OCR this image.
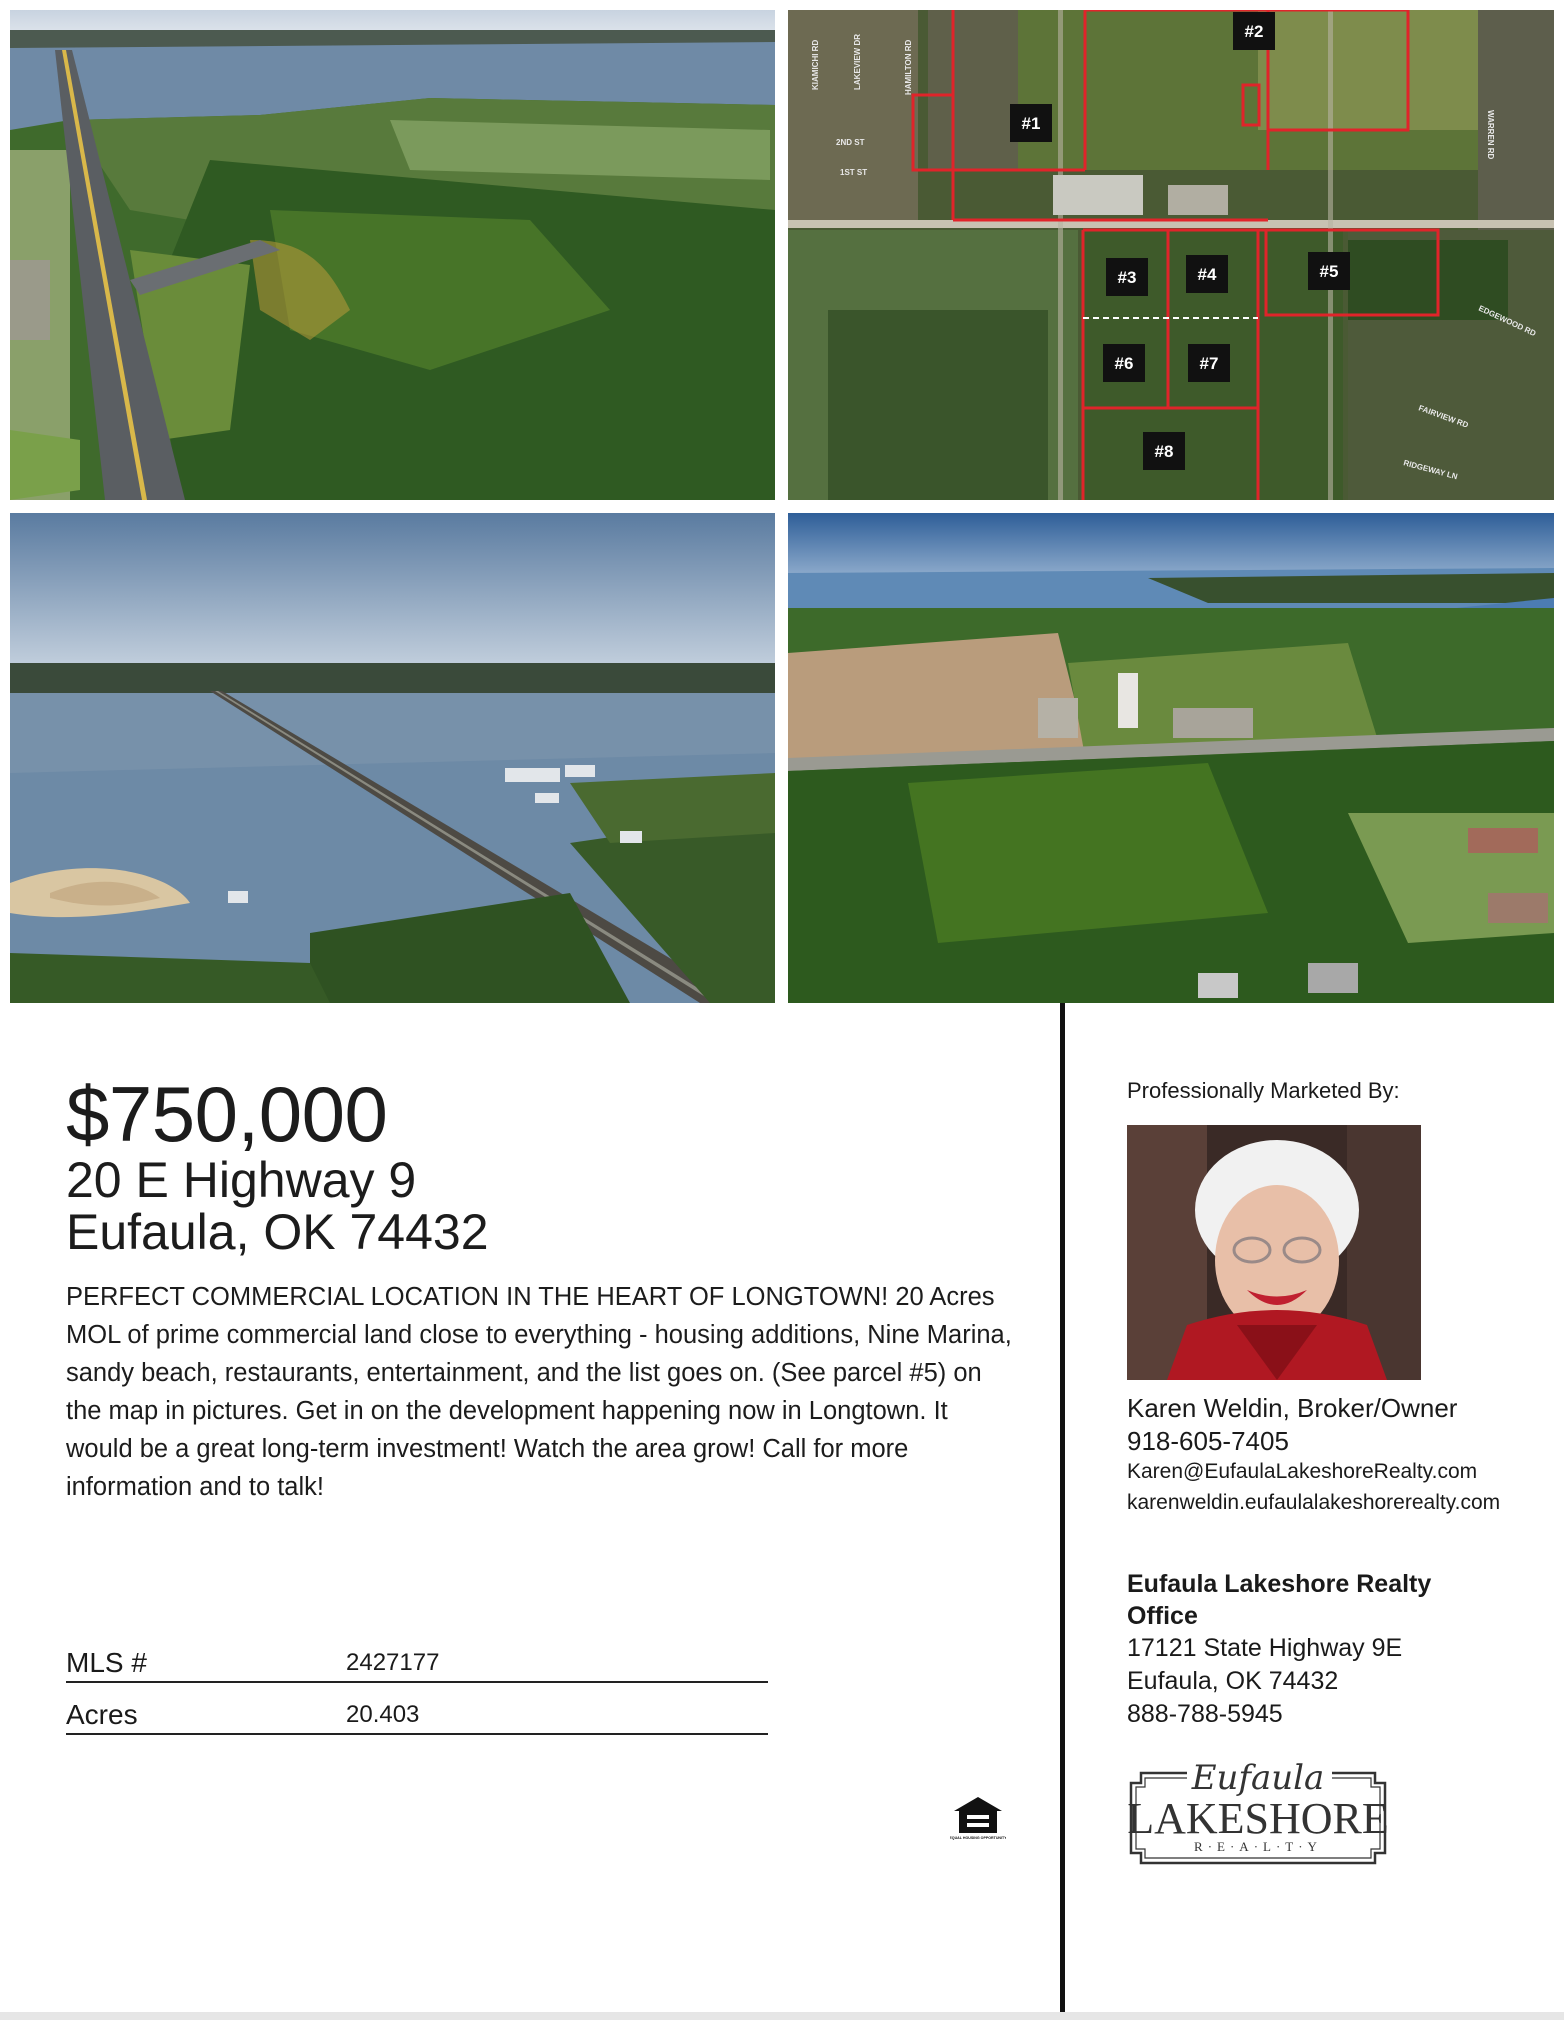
#1
#2
#3	#4	#5
#6	#7
#8
KIAMICHI RD	LAKEVIEW DR	HAMILTON RD
2ND ST
1ST ST
WARREN RD
EDGEWOOD RD
FAIRVIEW RD
RIDGEWAY LN
$750,000
20 E Highway 9
Eufaula, OK 74432
PERFECT COMMERCIAL LOCATION IN THE HEART OF LONGTOWN! 20 Acres MOL of prime commercial land close to everything - housing additions, Nine Marina, sandy beach, restaurants, entertainment, and the list goes on. (See parcel #5) on the map in pictures. Get in on the development happening now in Longtown. It would be a great long-term investment! Watch the area grow! Call for more information and to talk!
MLS #	2427177
Acres	20.403
EQUAL HOUSING OPPORTUNITY
Professionally Marketed By:
Karen Weldin, Broker/Owner
918-605-7405
Karen@EufaulaLakeshoreRealty.com
karenweldin.eufaulalakeshorerealty.com
Eufaula Lakeshore Realty Office
17121 State Highway 9E
Eufaula, OK 74432
888-788-5945
Eufaula
LAKESHORE
R·E·A·L·T·Y
